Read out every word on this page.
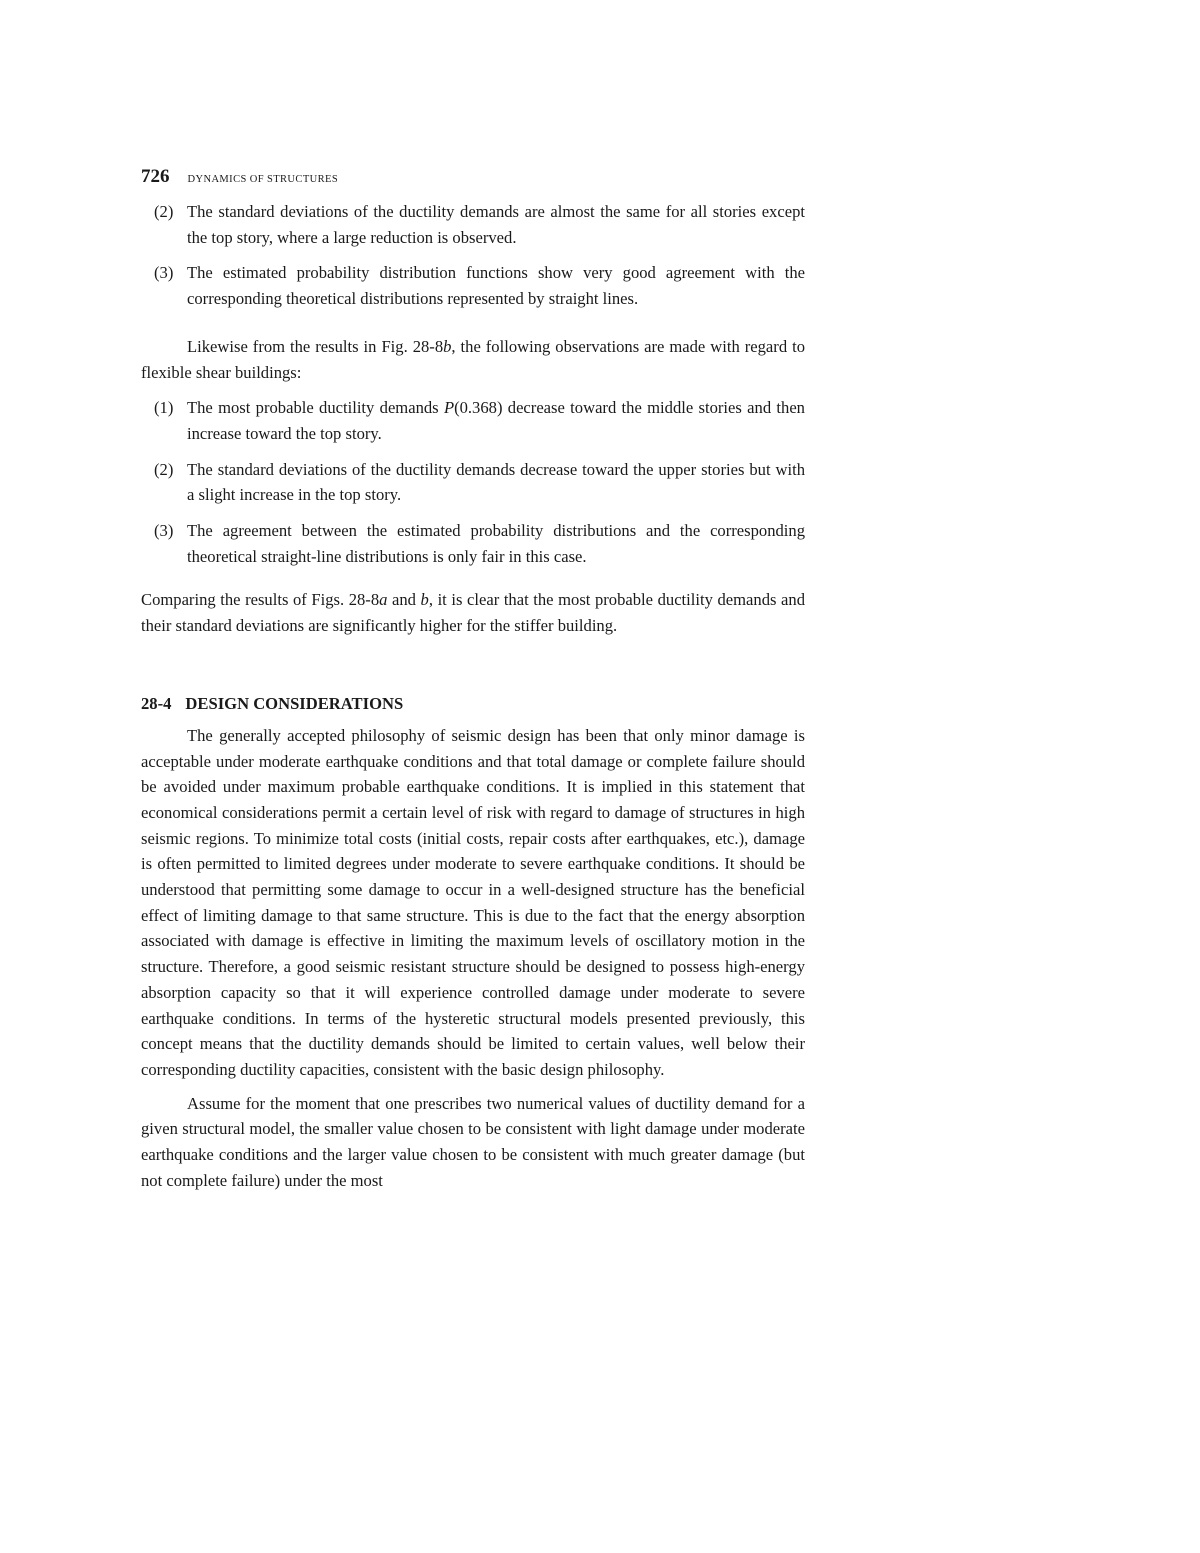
726 DYNAMICS OF STRUCTURES
(2) The standard deviations of the ductility demands are almost the same for all stories except the top story, where a large reduction is observed.
(3) The estimated probability distribution functions show very good agreement with the corresponding theoretical distributions represented by straight lines.

Likewise from the results in Fig. 28-8b, the following observations are made with regard to flexible shear buildings:

(1) The most probable ductility demands P(0.368) decrease toward the middle stories and then increase toward the top story.
(2) The standard deviations of the ductility demands decrease toward the upper stories but with a slight increase in the top story.
(3) The agreement between the estimated probability distributions and the corresponding theoretical straight-line distributions is only fair in this case.

Comparing the results of Figs. 28-8a and b, it is clear that the most probable ductility demands and their standard deviations are significantly higher for the stiffer building.

28-4 DESIGN CONSIDERATIONS

The generally accepted philosophy of seismic design has been that only minor damage is acceptable under moderate earthquake conditions and that total damage or complete failure should be avoided under maximum probable earthquake conditions. It is implied in this statement that economical considerations permit a certain level of risk with regard to damage of structures in high seismic regions. To minimize total costs (initial costs, repair costs after earthquakes, etc.), damage is often permitted to limited degrees under moderate to severe earthquake conditions. It should be understood that permitting some damage to occur in a well-designed structure has the beneficial effect of limiting damage to that same structure. This is due to the fact that the energy absorption associated with damage is effective in limiting the maximum levels of oscillatory motion in the structure. Therefore, a good seismic resistant structure should be designed to possess high-energy absorption capacity so that it will experience controlled damage under moderate to severe earthquake conditions. In terms of the hysteretic structural models presented previously, this concept means that the ductility demands should be limited to certain values, well below their corresponding ductility capacities, consistent with the basic design philosophy.

Assume for the moment that one prescribes two numerical values of ductility demand for a given structural model, the smaller value chosen to be consistent with light damage under moderate earthquake conditions and the larger value chosen to be consistent with much greater damage (but not complete failure) under the most
